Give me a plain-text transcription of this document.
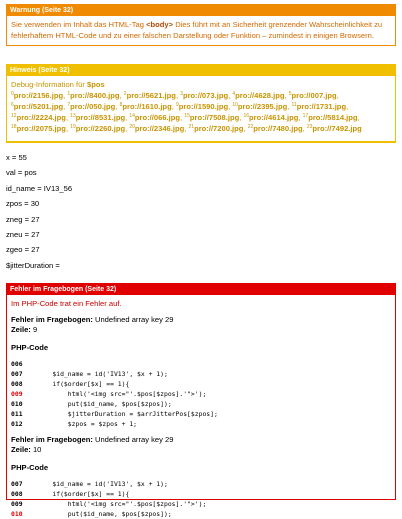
Warnung (Seite 32)
Sie verwenden im Inhalt das HTML-Tag <body> Dies führt mit an Sicherheit grenzender Wahrscheinlichkeit zu fehlerhaftem HTML-Code und zu einer falschen Darstellung oder Funktion – zumindest in einigen Browsern.
Hinweis (Seite 32)
Debug-Information für $pos
$^0$pro://2156.jpg, $^1$pro://8400.jpg, $^2$pro://5621.jpg, $^3$pro://073.jpg, $^4$pro://4628.jpg, $^5$pro://007.jpg, $^6$pro://5201.jpg, $^7$pro://050.jpg, $^8$pro://1610.jpg, $^9$pro://1590.jpg, $^{10}$pro://2395.jpg, $^{11}$pro://1731.jpg, $^{12}$pro://2224.jpg, $^{13}$pro://8531.jpg, $^{14}$pro://066.jpg, $^{15}$pro://7508.jpg, $^{16}$pro://4614.jpg, $^{17}$pro://5814.jpg, $^{18}$pro://2075.jpg, $^{19}$pro://2260.jpg, $^{20}$pro://2346.jpg, $^{21}$pro://7200.jpg, $^{22}$pro://7480.jpg, $^{23}$pro://7492.jpg
x = 55
val = pos
id_name = IV13_56
zpos = 30
zneg = 27
zneu = 27
zgeo = 27
$jitterDuration =
Fehler im Fragebogen (Seite 32)
Im PHP-Code trat ein Fehler auf.
Fehler im Fragebogen: Undefined array key 29
Zeile: 9
PHP-Code
006
007    $id_name = id('IV13', $x + 1);
008    if($order[$x] == 1){
009        html('<img src="'.$pos[$zpos].'">');
010        put($id_name, $pos[$zpos]);
011        $jitterDuration = $arrJitterPos[$zpos];
012        $zpos = $zpos + 1;
Fehler im Fragebogen: Undefined array key 29
Zeile: 10
PHP-Code
007    $id_name = id('IV13', $x + 1);
008    if($order[$x] == 1){
009        html('<img src="'.$pos[$zpos].'">');
010        put($id_name, $pos[$zpos]);
